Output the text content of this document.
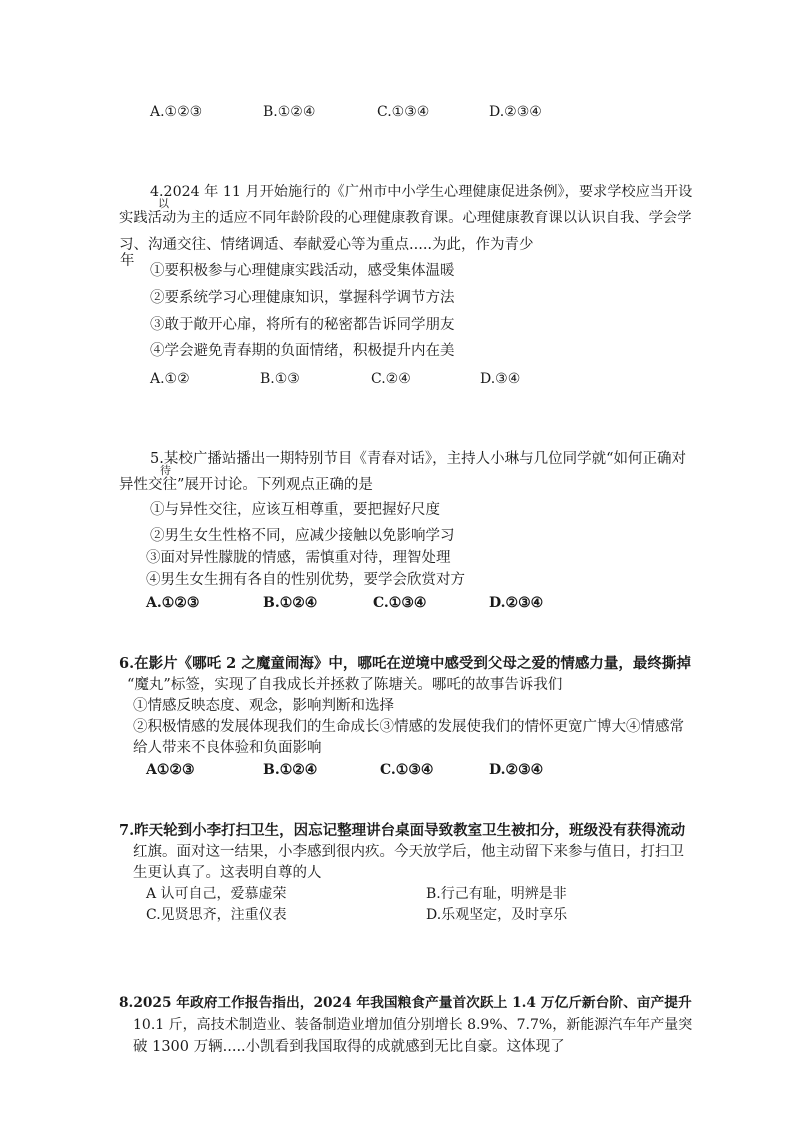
A.①②③	B.①②④	C.①③④	D.②③④
4.2024 年 11 月开始施行的《广州市中小学生心理健康促进条例》，要求学校应当开设
以
实践活动为主的适应不同年龄阶段的心理健康教育课。心理健康教育课以认识自我、学会学
习、沟通交往、情绪调适、奉献爱心等为重点.....为此，作为青少
年
①要积极参与心理健康实践活动，感受集体温暖
②要系统学习心理健康知识，掌握科学调节方法
③敢于敞开心扉，将所有的秘密都告诉同学朋友
④学会避免青春期的负面情绪，积极提升内在美
A.①②	B.①③	C.②④	D.③④
5.某校广播站播出一期特别节目《青春对话》，主持人小琳与几位同学就“如何正确对
待
异性交往”展开讨论。下列观点正确的是
①与异性交往，应该互相尊重，要把握好尺度
②男生女生性格不同，应减少接触以免影响学习
③面对异性朦胧的情感，需慎重对待，理智处理
④男生女生拥有各自的性别优势，要学会欣赏对方
A.①②③	B.①②④	C.①③④	D.②③④
6.在影片《哪吒 2 之魔童闹海》中，哪吒在逆境中感受到父母之爱的情感力量，最终撕掉
“魔丸”标签，实现了自我成长并拯救了陈塘关。哪吒的故事告诉我们
①情感反映态度、观念，影响判断和选择
②积极情感的发展体现我们的生命成长③情感的发展使我们的情怀更宽广博大④情感常
给人带来不良体验和负面影响
A①②③	B.①②④	C.①③④	D.②③④
7.昨天轮到小李打扫卫生，因忘记整理讲台桌面导致教室卫生被扣分，班级没有获得流动
红旗。面对这一结果，小李感到很内疚。今天放学后，他主动留下来参与值日，打扫卫
生更认真了。这表明自尊的人
A 认可自己，爱慕虚荣	B.行己有耻，明辨是非
C.见贤思齐，注重仪表	D.乐观坚定，及时享乐
8.2025 年政府工作报告指出，2024 年我国粮食产量首次跃上 1.4 万亿斤新台阶、亩产提升
10.1 斤，高技术制造业、装备制造业增加值分别增长 8.9%、7.7%，新能源汽车年产量突
破 1300 万辆.....小凯看到我国取得的成就感到无比自豪。这体现了
